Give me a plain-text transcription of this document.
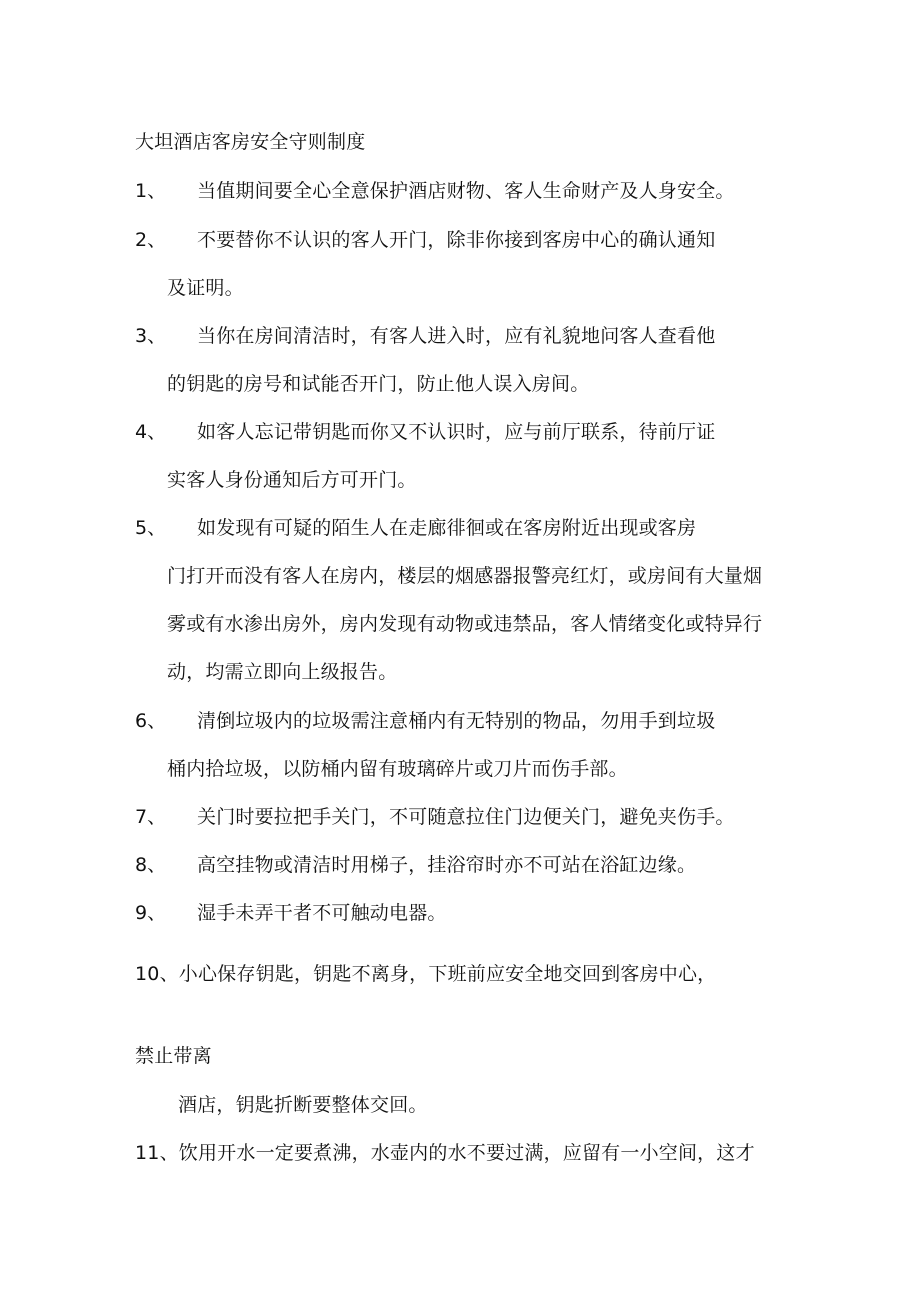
大坦酒店客房安全守则制度
1、 当值期间要全心全意保护酒店财物、客人生命财产及人身安全。
2、 不要替你不认识的客人开门，除非你接到客房中心的确认通知
及证明。
3、 当你在房间清洁时，有客人进入时，应有礼貌地问客人查看他
的钥匙的房号和试能否开门，防止他人误入房间。
4、 如客人忘记带钥匙而你又不认识时，应与前厅联系，待前厅证
实客人身份通知后方可开门。
5、 如发现有可疑的陌生人在走廊徘徊或在客房附近出现或客房
门打开而没有客人在房内，楼层的烟感器报警亮红灯，或房间有大量烟
雾或有水渗出房外，房内发现有动物或违禁品，客人情绪变化或特异行
动，均需立即向上级报告。
6、 清倒垃圾内的垃圾需注意桶内有无特别的物品，勿用手到垃圾
桶内拾垃圾，以防桶内留有玻璃碎片或刀片而伤手部。
7、 关门时要拉把手关门，不可随意拉住门边便关门，避免夹伤手。
8、 高空挂物或清洁时用梯子，挂浴帘时亦不可站在浴缸边缘。
9、 湿手未弄干者不可触动电器。
10、小心保存钥匙，钥匙不离身，下班前应安全地交回到客房中心，
禁止带离
酒店，钥匙折断要整体交回。
11、饮用开水一定要煮沸，水壶内的水不要过满，应留有一小空间，这才
